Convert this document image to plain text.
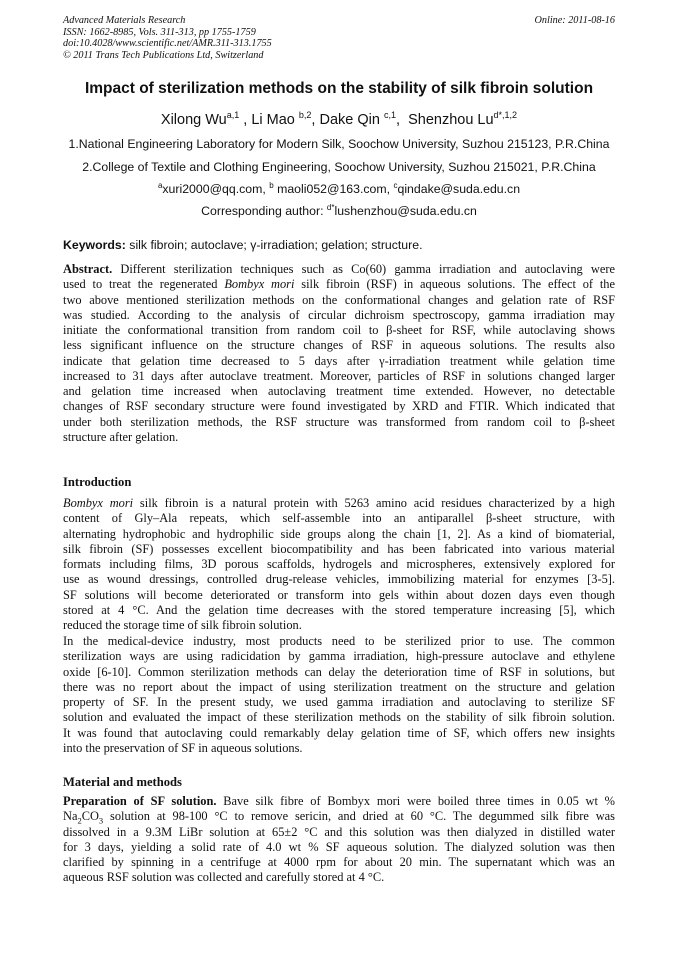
Advanced Materials Research
ISSN: 1662-8985, Vols. 311-313, pp 1755-1759
doi:10.4028/www.scientific.net/AMR.311-313.1755
© 2011 Trans Tech Publications Ltd, Switzerland
Online: 2011-08-16
Impact of sterilization methods on the stability of silk fibroin solution
Xilong Wu$^{a,1}$ , Li Mao $^{b,2}$, Dake Qin $^{c,1}$,  Shenzhou $Lu^{d*,1,2}$
1.National Engineering Laboratory for Modern Silk, Soochow University, Suzhou 215123, P.R.China
2.College of Textile and Clothing Engineering, Soochow University, Suzhou 215021, P.R.China
$^a$xuri2000@qq.com, $^b$ maoli052@163.com, $^c$qindake@suda.edu.cn
Corresponding author: $^{d*}$lushenzhou@suda.edu.cn
Keywords: silk fibroin; autoclave; γ-irradiation; gelation; structure.
Abstract. Different sterilization techniques such as Co(60) gamma irradiation and autoclaving were
used to treat the regenerated Bombyx mori silk fibroin (RSF) in aqueous solutions. The effect of the
two above mentioned sterilization methods on the conformational changes and gelation rate of RSF
was studied. According to the analysis of circular dichroism spectroscopy, gamma irradiation may
initiate the conformational transition from random coil to β-sheet for RSF, while autoclaving shows
less significant influence on the structure changes of RSF in aqueous solutions. The results also
indicate that gelation time decreased to 5 days after γ-irradiation treatment while gelation time
increased to 31 days after autoclave treatment. Moreover, particles of RSF in solutions changed larger
and gelation time increased when autoclaving treatment time extended. However, no detectable
changes of RSF secondary structure were found investigated by XRD and FTIR. Which indicated that
under both sterilization methods, the RSF structure was transformed from random coil to β-sheet
structure after gelation.
Introduction
Bombyx mori silk fibroin is a natural protein with 5263 amino acid residues characterized by a high
content of Gly–Ala repeats, which self-assemble into an antiparallel β-sheet structure, with
alternating hydrophobic and hydrophilic side groups along the chain [1, 2]. As a kind of biomaterial,
silk fibroin (SF) possesses excellent biocompatibility and has been fabricated into various material
formats including films, 3D porous scaffolds, hydrogels and microspheres, extensively explored for
use as wound dressings, controlled drug-release vehicles, immobilizing material for enzymes [3-5].
SF solutions will become deteriorated or transform into gels within about dozen days even though
stored at 4 °C. And the gelation time decreases with the stored temperature increasing [5], which
reduced the storage time of silk fibroin solution.
In the medical-device industry, most products need to be sterilized prior to use. The common
sterilization ways are using radicidation by gamma irradiation, high-pressure autoclave and ethylene
oxide [6-10]. Common sterilization methods can delay the deterioration time of RSF in solutions, but
there was no report about the impact of using sterilization treatment on the structure and gelation
property of SF. In the present study, we used gamma irradiation and autoclaving to sterilize SF
solution and evaluated the impact of these sterilization methods on the stability of silk fibroin solution.
It was found that autoclaving could remarkably delay gelation time of SF, which offers new insights
into the preservation of SF in aqueous solutions.
Material and methods
Preparation of SF solution. Bave silk fibre of Bombyx mori were boiled three times in 0.05 wt %
$Na_2CO_3$ solution at 98-100 °C to remove sericin, and dried at 60 °C. The degummed silk fibre was
dissolved in a 9.3M LiBr solution at 65±2 °C and this solution was then dialyzed in distilled water
for 3 days, yielding a solid rate of 4.0 wt % SF aqueous solution. The dialyzed solution was then
clarified by spinning in a centrifuge at 4000 rpm for about 20 min. The supernatant which was an
aqueous RSF solution was collected and carefully stored at 4 °C.
